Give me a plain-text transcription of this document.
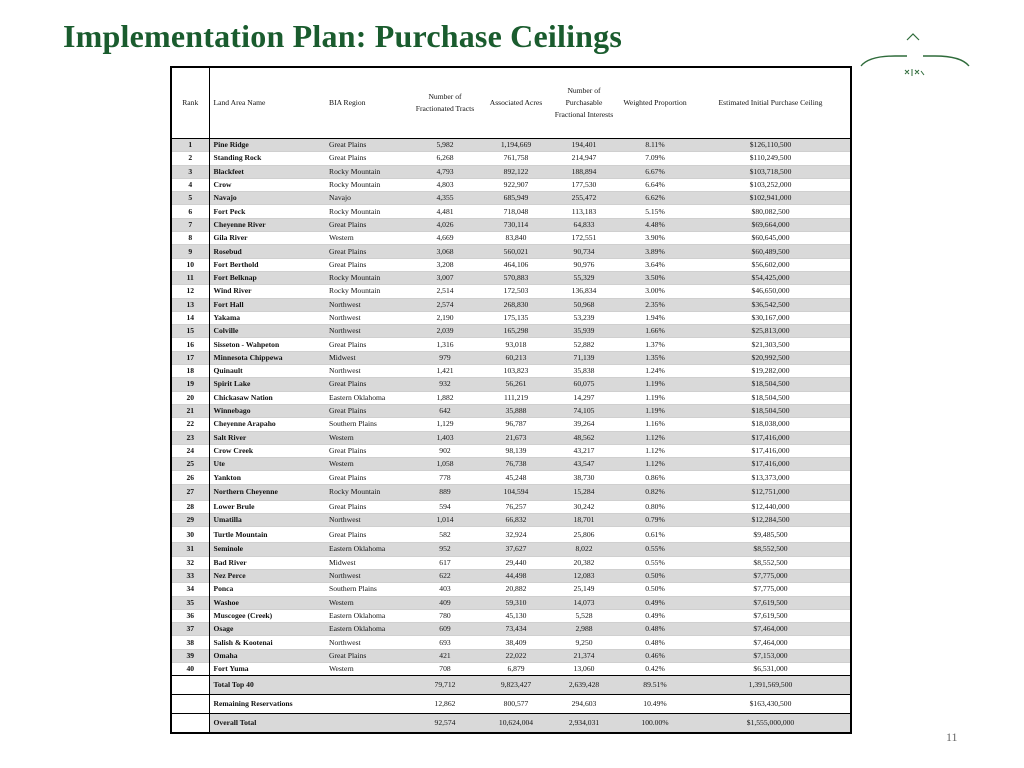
Implementation Plan: Purchase Ceilings
Rank	Land Area Name	BIA Region	Number of Fractionated Tracts	Associated Acres	Number of Purchasable Fractional Interests	Weighted Proportion	Estimated Initial Purchase Ceiling
1	Pine Ridge	Great Plains	5,982	1,194,669	194,401	8.11%	$126,110,500
2	Standing Rock	Great Plains	6,268	761,758	214,947	7.09%	$110,249,500
3	Blackfeet	Rocky Mountain	4,793	892,122	188,894	6.67%	$103,718,500
4	Crow	Rocky Mountain	4,803	922,907	177,530	6.64%	$103,252,000
5	Navajo	Navajo	4,355	685,949	255,472	6.62%	$102,941,000
6	Fort Peck	Rocky Mountain	4,481	718,048	113,183	5.15%	$80,082,500
7	Cheyenne River	Great Plains	4,026	730,114	64,833	4.48%	$69,664,000
8	Gila River	Western	4,669	83,840	172,551	3.90%	$60,645,000
9	Rosebud	Great Plains	3,068	560,021	90,734	3.89%	$60,489,500
10	Fort Berthold	Great Plains	3,208	464,106	90,976	3.64%	$56,602,000
11	Fort Belknap	Rocky Mountain	3,007	570,883	55,329	3.50%	$54,425,000
12	Wind River	Rocky Mountain	2,514	172,503	136,834	3.00%	$46,650,000
13	Fort Hall	Northwest	2,574	268,830	50,968	2.35%	$36,542,500
14	Yakama	Northwest	2,190	175,135	53,239	1.94%	$30,167,000
15	Colville	Northwest	2,039	165,298	35,939	1.66%	$25,813,000
16	Sisseton - Wahpeton	Great Plains	1,316	93,018	52,882	1.37%	$21,303,500
17	Minnesota Chippewa	Midwest	979	60,213	71,139	1.35%	$20,992,500
18	Quinault	Northwest	1,421	103,823	35,838	1.24%	$19,282,000
19	Spirit Lake	Great Plains	932	56,261	60,075	1.19%	$18,504,500
20	Chickasaw Nation	Eastern Oklahoma	1,882	111,219	14,297	1.19%	$18,504,500
21	Winnebago	Great Plains	642	35,888	74,105	1.19%	$18,504,500
22	Cheyenne Arapaho	Southern Plains	1,129	96,787	39,264	1.16%	$18,038,000
23	Salt River	Western	1,403	21,673	48,562	1.12%	$17,416,000
24	Crow Creek	Great Plains	902	98,139	43,217	1.12%	$17,416,000
25	Ute	Western	1,058	76,738	43,547	1.12%	$17,416,000
26	Yankton	Great Plains	778	45,248	38,730	0.86%	$13,373,000
27	Northern Cheyenne	Rocky Mountain	889	104,594	15,284	0.82%	$12,751,000
28	Lower Brule	Great Plains	594	76,257	30,242	0.80%	$12,440,000
29	Umatilla	Northwest	1,014	66,832	18,701	0.79%	$12,284,500
30	Turtle Mountain	Great Plains	582	32,924	25,806	0.61%	$9,485,500
31	Seminole	Eastern Oklahoma	952	37,627	8,022	0.55%	$8,552,500
32	Bad River	Midwest	617	29,440	20,382	0.55%	$8,552,500
33	Nez Perce	Northwest	622	44,498	12,083	0.50%	$7,775,000
34	Ponca	Southern Plains	403	20,882	25,149	0.50%	$7,775,000
35	Washoe	Western	409	59,310	14,073	0.49%	$7,619,500
36	Muscogee (Creek)	Eastern Oklahoma	780	45,130	5,528	0.49%	$7,619,500
37	Osage	Eastern Oklahoma	609	73,434	2,988	0.48%	$7,464,000
38	Salish & Kootenai	Northwest	693	38,409	9,250	0.48%	$7,464,000
39	Omaha	Great Plains	421	22,022	21,374	0.46%	$7,153,000
40	Fort Yuma	Western	708	6,879	13,060	0.42%	$6,531,000
	Total Top 40		79,712	9,823,427	2,639,428	89.51%	1,391,569,500
	Remaining Reservations		12,862	800,577	294,603	10.49%	$163,430,500
	Overall Total		92,574	10,624,004	2,934,031	100.00%	$1,555,000,000
11
